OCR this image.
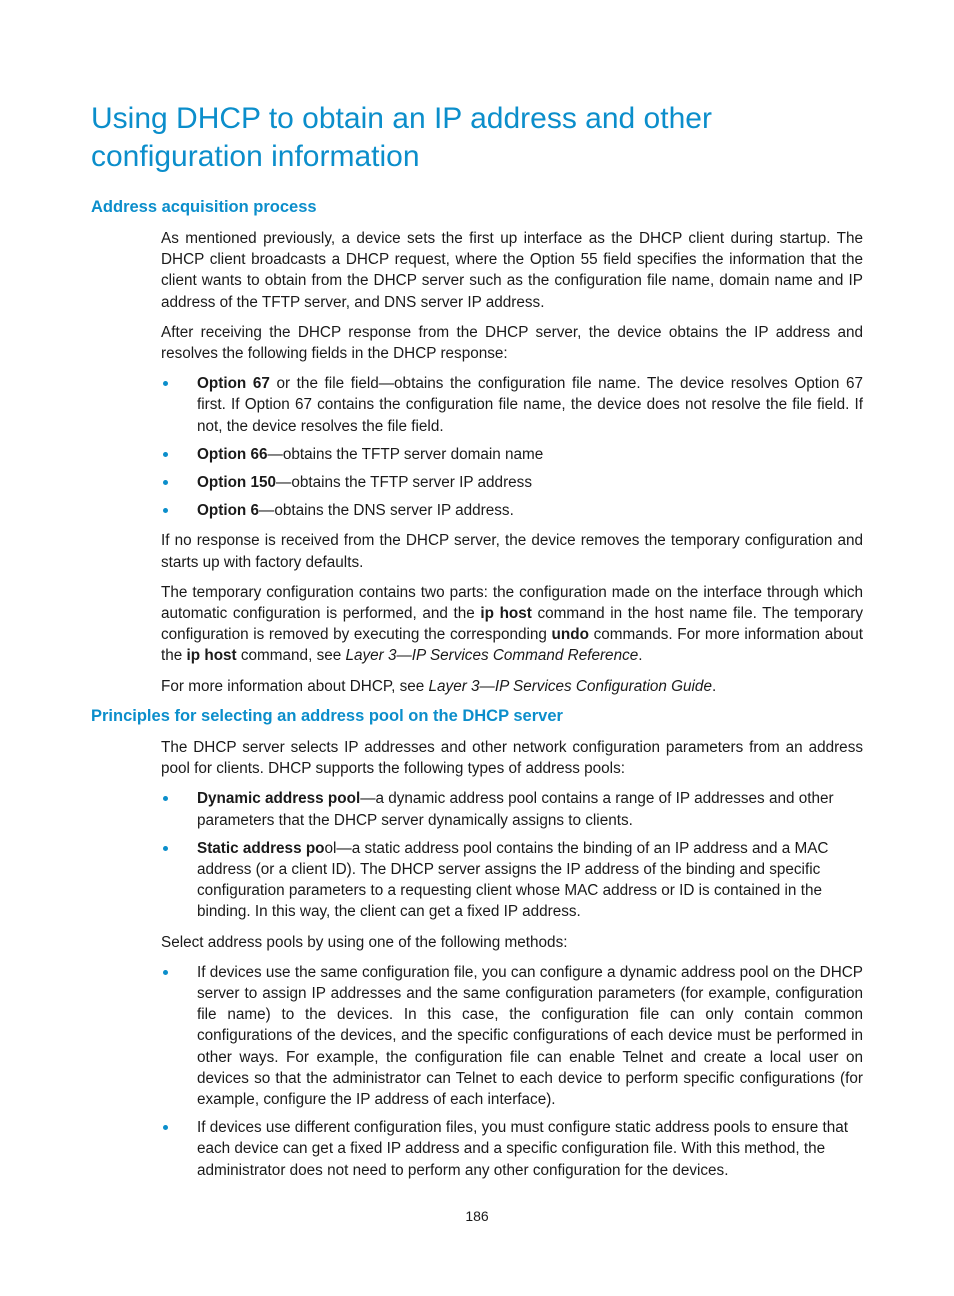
Using DHCP to obtain an IP address and other configuration information
Address acquisition process

As mentioned previously, a device sets the first up interface as the DHCP client during startup. The DHCP client broadcasts a DHCP request, where the Option 55 field specifies the information that the client wants to obtain from the DHCP server such as the configuration file name, domain name and IP address of the TFTP server, and DNS server IP address.

After receiving the DHCP response from the DHCP server, the device obtains the IP address and resolves the following fields in the DHCP response:

Option 67 or the file field—obtains the configuration file name. The device resolves Option 67 first. If Option 67 contains the configuration file name, the device does not resolve the file field. If not, the device resolves the file field.
Option 66—obtains the TFTP server domain name
Option 150—obtains the TFTP server IP address
Option 6—obtains the DNS server IP address.

If no response is received from the DHCP server, the device removes the temporary configuration and starts up with factory defaults.

The temporary configuration contains two parts: the configuration made on the interface through which automatic configuration is performed, and the ip host command in the host name file. The temporary configuration is removed by executing the corresponding undo commands. For more information about the ip host command, see Layer 3—IP Services Command Reference.

For more information about DHCP, see Layer 3—IP Services Configuration Guide.

Principles for selecting an address pool on the DHCP server

The DHCP server selects IP addresses and other network configuration parameters from an address pool for clients. DHCP supports the following types of address pools:

Dynamic address pool—a dynamic address pool contains a range of IP addresses and other parameters that the DHCP server dynamically assigns to clients.
Static address pool—a static address pool contains the binding of an IP address and a MAC address (or a client ID). The DHCP server assigns the IP address of the binding and specific configuration parameters to a requesting client whose MAC address or ID is contained in the binding. In this way, the client can get a fixed IP address.

Select address pools by using one of the following methods:

If devices use the same configuration file, you can configure a dynamic address pool on the DHCP server to assign IP addresses and the same configuration parameters (for example, configuration file name) to the devices. In this case, the configuration file can only contain common configurations of the devices, and the specific configurations of each device must be performed in other ways. For example, the configuration file can enable Telnet and create a local user on devices so that the administrator can Telnet to each device to perform specific configurations (for example, configure the IP address of each interface).
If devices use different configuration files, you must configure static address pools to ensure that each device can get a fixed IP address and a specific configuration file. With this method, the administrator does not need to perform any other configuration for the devices.
186
